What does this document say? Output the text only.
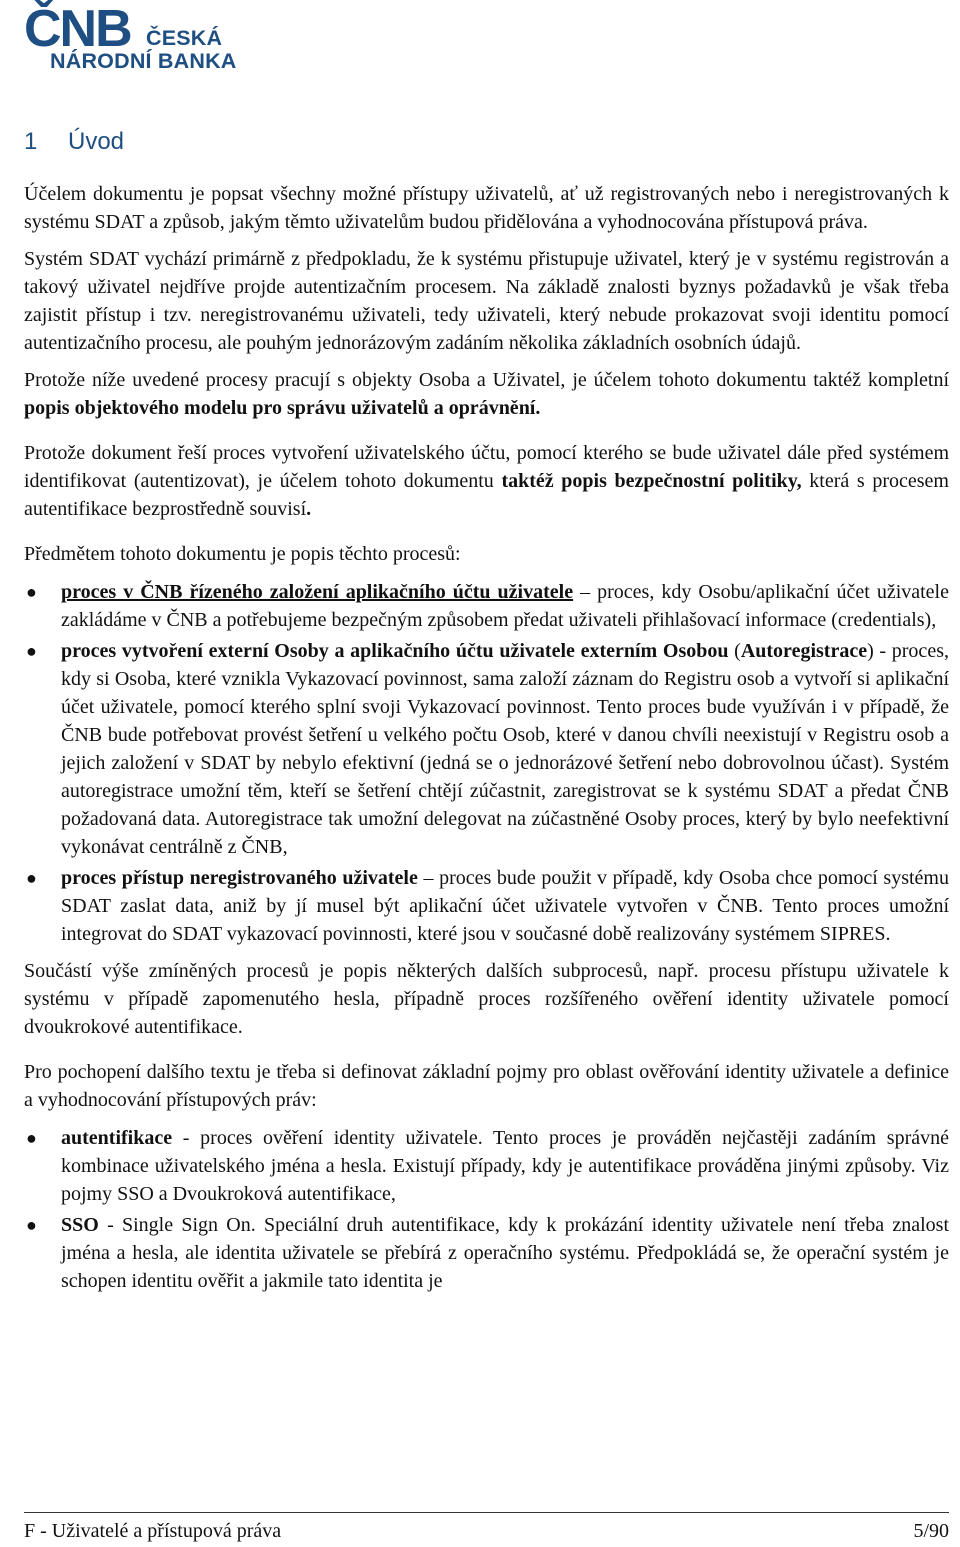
ČNB ČESKÁ
NÁRODNÍ BANKA
1	Úvod

Účelem dokumentu je popsat všechny možné přístupy uživatelů, ať už registrovaných nebo i neregistrovaných k systému SDAT a způsob, jakým těmto uživatelům budou přidělována a vyhodnocována přístupová práva.

Systém SDAT vychází primárně z předpokladu, že k systému přistupuje uživatel, který je v systému registrován a takový uživatel nejdříve projde autentizačním procesem. Na základě znalosti byznys požadavků je však třeba zajistit přístup i tzv. neregistrovanému uživateli, tedy uživateli, který nebude prokazovat svoji identitu pomocí autentizačního procesu, ale pouhým jednorázovým zadáním několika základních osobních údajů.

Protože níže uvedené procesy pracují s objekty Osoba a Uživatel, je účelem tohoto dokumentu taktéž kompletní popis objektového modelu pro správu uživatelů a oprávnění.

Protože dokument řeší proces vytvoření uživatelského účtu, pomocí kterého se bude uživatel dále před systémem identifikovat (autentizovat), je účelem tohoto dokumentu taktéž popis bezpečnostní politiky, která s procesem autentifikace bezprostředně souvisí.

Předmětem tohoto dokumentu je popis těchto procesů:

● proces v ČNB řízeného založení aplikačního účtu uživatele – proces, kdy Osobu/aplikační účet uživatele zakládáme v ČNB a potřebujeme bezpečným způsobem předat uživateli přihlašovací informace (credentials),
● proces vytvoření externí Osoby a aplikačního účtu uživatele externím Osobou (Autoregistrace) - proces, kdy si Osoba, které vznikla Vykazovací povinnost, sama založí záznam do Registru osob a vytvoří si aplikační účet uživatele, pomocí kterého splní svoji Vykazovací povinnost. Tento proces bude využíván i v případě, že ČNB bude potřebovat provést šetření u velkého počtu Osob, které v danou chvíli neexistují v Registru osob a jejich založení v SDAT by nebylo efektivní (jedná se o jednorázové šetření nebo dobrovolnou účast). Systém autoregistrace umožní těm, kteří se šetření chtějí zúčastnit, zaregistrovat se k systému SDAT a předat ČNB požadovaná data. Autoregistrace tak umožní delegovat na zúčastněné Osoby proces, který by bylo neefektivní vykonávat centrálně z ČNB,
● proces přístup neregistrovaného uživatele – proces bude použit v případě, kdy Osoba chce pomocí systému SDAT zaslat data, aniž by jí musel být aplikační účet uživatele vytvořen v ČNB. Tento proces umožní integrovat do SDAT vykazovací povinnosti, které jsou v současné době realizovány systémem SIPRES.

Součástí výše zmíněných procesů je popis některých dalších subprocesů, např. procesu přístupu uživatele k systému v případě zapomenutého hesla, případně proces rozšířeného ověření identity uživatele pomocí dvoukrokové autentifikace.

Pro pochopení dalšího textu je třeba si definovat základní pojmy pro oblast ověřování identity uživatele a definice a vyhodnocování přístupových práv:

● autentifikace - proces ověření identity uživatele. Tento proces je prováděn nejčastěji zadáním správné kombinace uživatelského jména a hesla. Existují případy, kdy je autentifikace prováděna jinými způsoby. Viz pojmy SSO a Dvoukroková autentifikace,
● SSO - Single Sign On. Speciální druh autentifikace, kdy k prokázání identity uživatele není třeba znalost jména a hesla, ale identita uživatele se přebírá z operačního systému. Předpokládá se, že operační systém je schopen identitu ověřit a jakmile tato identita je
F - Uživatelé a přístupová práva	5/90
